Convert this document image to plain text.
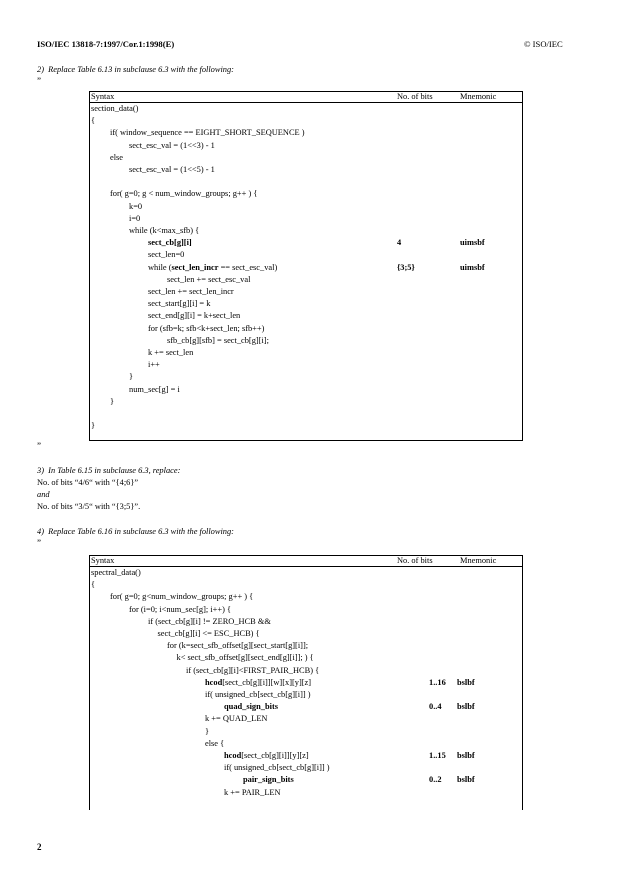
ISO/IEC 13818-7:1997/Cor.1:1998(E)	© ISO/IEC
2)  Replace Table 6.13 in subclause 6.3 with the following:
”
Syntax	No. of bits	Mnemonic
section_data()
{
if( window_sequence == EIGHT_SHORT_SEQUENCE )
sect_esc_val = (1<<3) - 1
else
sect_esc_val = (1<<5) - 1
for( g=0; g < num_window_groups; g++ ) {
k=0
i=0
while (k<max_sfb) {
sect_cb[g][i]	4	uimsbf
sect_len=0
while (sect_len_incr == sect_esc_val)	{3;5}	uimsbf
sect_len += sect_esc_val
sect_len += sect_len_incr
sect_start[g][i] = k
sect_end[g][i] = k+sect_len
for (sfb=k; sfb<k+sect_len; sfb++)
sfb_cb[g][sfb] = sect_cb[g][i];
k += sect_len
i++
}
num_sec[g] = i
}
}
”
3)  In Table 6.15 in subclause 6.3, replace:
No. of bits “4/6“ with “{4;6}”
and
No. of bits “3/5“ with “{3;5}”.
4)  Replace Table 6.16 in subclause 6.3 with the following:
”
Syntax	No. of bits	Mnemonic
spectral_data()
{
for( g=0; g<num_window_groups; g++ ) {
for (i=0; i<num_sec[g]; i++) {
if (sect_cb[g][i] != ZERO_HCB &&
sect_cb[g][i] <= ESC_HCB) {
for (k=sect_sfb_offset[g][sect_start[g][i]];
k< sect_sfb_offset[g][sect_end[g][i]]; ) {
if (sect_cb[g][i]<FIRST_PAIR_HCB) {
hcod[sect_cb[g][i]][w][x][y][z]	1..16 bslbf
if( unsigned_cb[sect_cb[g][i]] )
quad_sign_bits	0..4 bslbf
k += QUAD_LEN
}
else {
hcod[sect_cb[g][i]][y][z]	1..15 bslbf
if( unsigned_cb[sect_cb[g][i]] )
pair_sign_bits	0..2 bslbf
k += PAIR_LEN
2
